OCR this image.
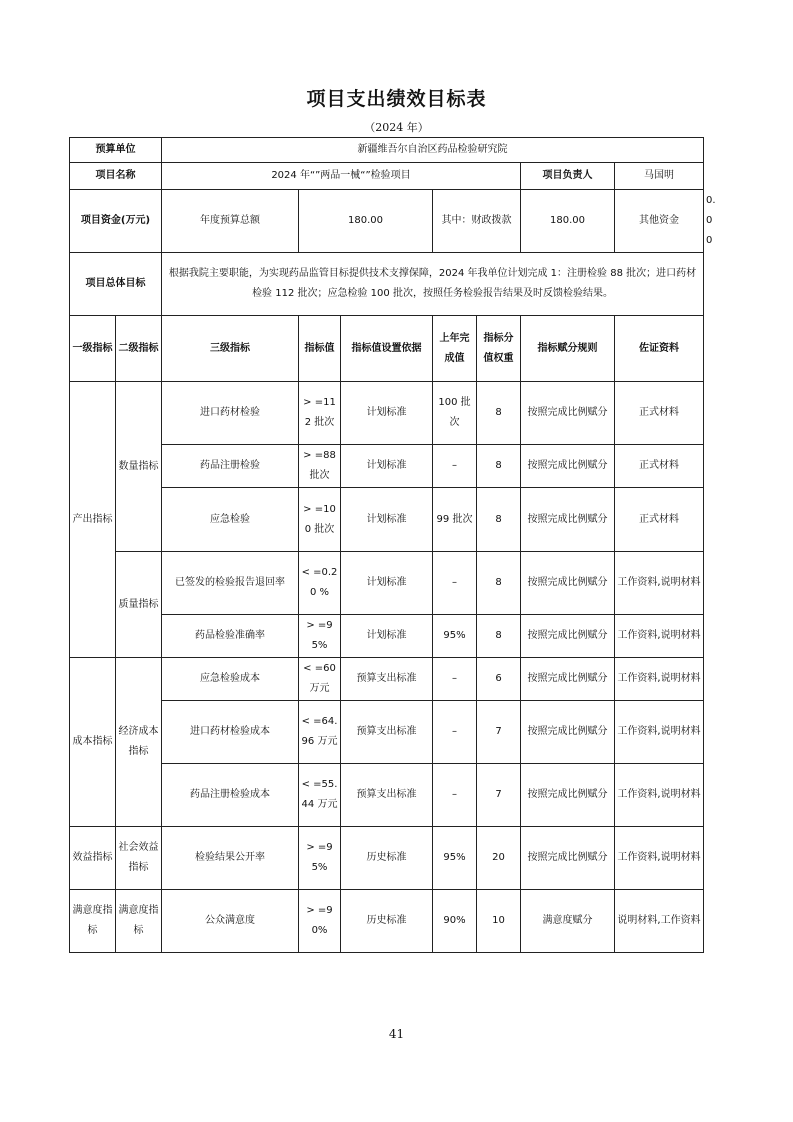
项目支出绩效目标表
（2024 年）
预算单位		新疆维吾尔自治区药品检验研究院							
项目名称		2024 年“”两品一械“”检验项目					项目负责人	马国明	
项目资金(万元)		年度预算总额	180.00		其中：财政拨款		180.00	其他资金	0.00
项目总体目标		根据我院主要职能，为实现药品监管目标提供技术支撑保障，2024 年我单位计划完成 1：注册检验 88 批次；进口药材检验 112 批次；应急检验 100 批次，按照任务检验报告结果及时反馈检验结果。							
一级指标	二级指标	三级指标	指标值	指标值设置依据	上年完成值	指标分值权重	指标赋分规则	佐证资料	
产出指标	数量指标	进口药材检验	> =112 批次	计划标准	100 批次	8	按照完成比例赋分	正式材料	
		药品注册检验	> =88 批次	计划标准	–	8	按照完成比例赋分	正式材料	
		应急检验	> =100 批次	计划标准	99 批次	8	按照完成比例赋分	正式材料	
	质量指标	已签发的检验报告退回率	< =0.20 %	计划标准	–	8	按照完成比例赋分	工作资料,说明材料	
		药品检验准确率	> =95%	计划标准	95%	8	按照完成比例赋分	工作资料,说明材料	
成本指标	经济成本指标	应急检验成本	< =60 万元	预算支出标准	–	6	按照完成比例赋分	工作资料,说明材料	
		进口药材检验成本	< =64.96 万元	预算支出标准	–	7	按照完成比例赋分	工作资料,说明材料	
		药品注册检验成本	< =55.44 万元	预算支出标准	–	7	按照完成比例赋分	工作资料,说明材料	
效益指标	社会效益指标	检验结果公开率	> =95%	历史标准	95%	20	按照完成比例赋分	工作资料,说明材料	
满意度指标	满意度指标	公众满意度	> =90%	历史标准	90%	10	满意度赋分	说明材料,工作资料	
41
